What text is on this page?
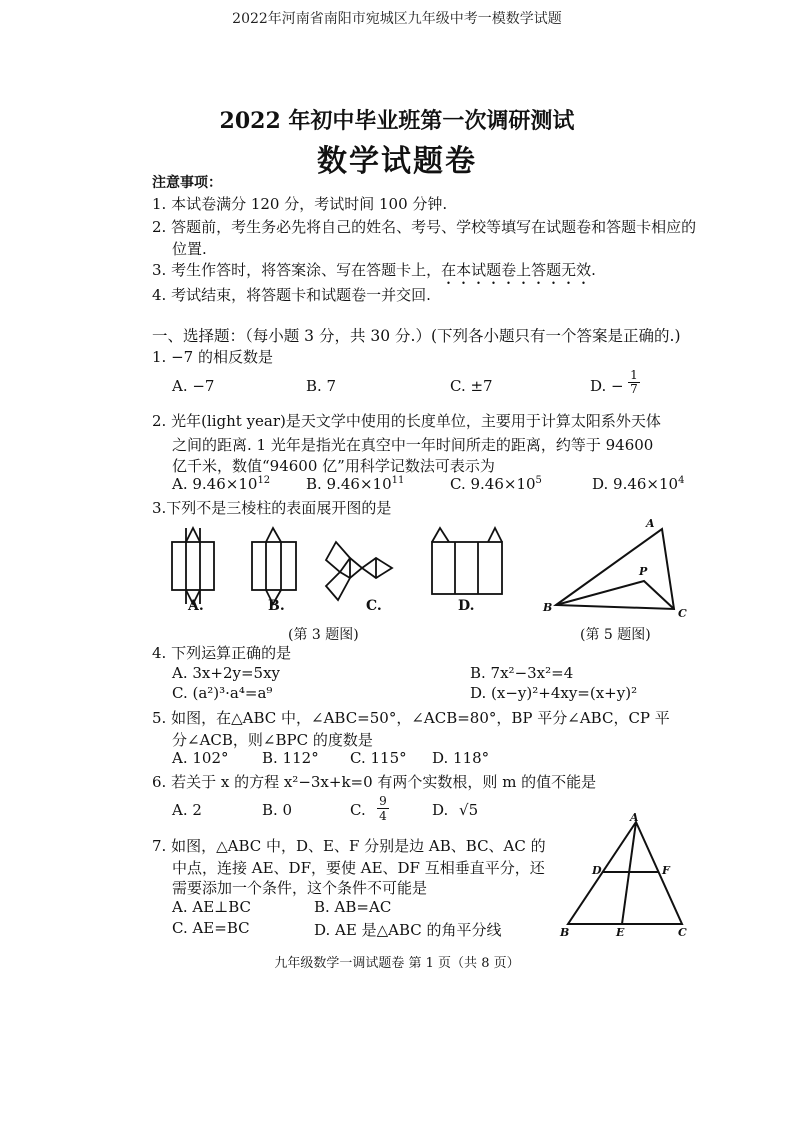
2022年河南省南阳市宛城区九年级中考一模数学试题
2022 年初中毕业班第一次调研测试
数学试题卷
注意事项：
1. 本试卷满分 120 分，考试时间 100 分钟.
2. 答题前，考生务必先将自己的姓名、考号、学校等填写在试题卷和答题卡相应的
位置.
3. 考生作答时，将答案涂、写在答题卡上，在本试题卷上答题无效.
4. 考试结束，将答题卡和试题卷一并交回.
一、选择题：（每小题 3 分，共 30 分.）(下列各小题只有一个答案是正确的.)
1. −7 的相反数是
A. −7	B. 7	C. ±7	D. − $\frac{1}{7}$
2. 光年(light year)是天文学中使用的长度单位，主要用于计算太阳系外天体
之间的距离. 1 光年是指光在真空中一年时间所走的距离，约等于 94600
亿千米，数值“94600 亿”用科学记数法可表示为
A. $9.46\times 10^{12}$ B. $9.46\times 10^{11}$	C. $9.46\times 10^5$	D. $9.46\times 10^4$
3.下列不是三棱柱的表面展开图的是
A.	B.	C.	D.
(第 3 题图)
A
P
B	C
(第 5 题图)
4. 下列运算正确的是
A. 3x+2y=5xy	B. 7x²−3x²=4
C. (a²)³·a⁴=a⁹	D. (x−y)²+4xy=(x+y)²
5. 如图，在△ABC 中，∠ABC=50°，∠ACB=80°，BP 平分∠ABC，CP 平
分∠ACB，则∠BPC 的度数是
A. 102° B. 112° C. 115° D. 118°
6. 若关于 x 的方程 x²−3x+k=0 有两个实数根，则 m 的值不能是
A. 2	B. 0	C. $\frac{9}{4}$	D. √5
7. 如图，△ABC 中，D、E、F 分别是边 AB、BC、AC 的
中点，连接 AE、DF，要使 AE、DF 互相垂直平分，还
需要添加一个条件，这个条件不可能是
A. AE⊥BC	B. AB=AC
C. AE=BC	D. AE 是△ABC 的角平分线
A
D	F
B	E	C
九年级数学一调试题卷 第 1 页（共 8 页）
